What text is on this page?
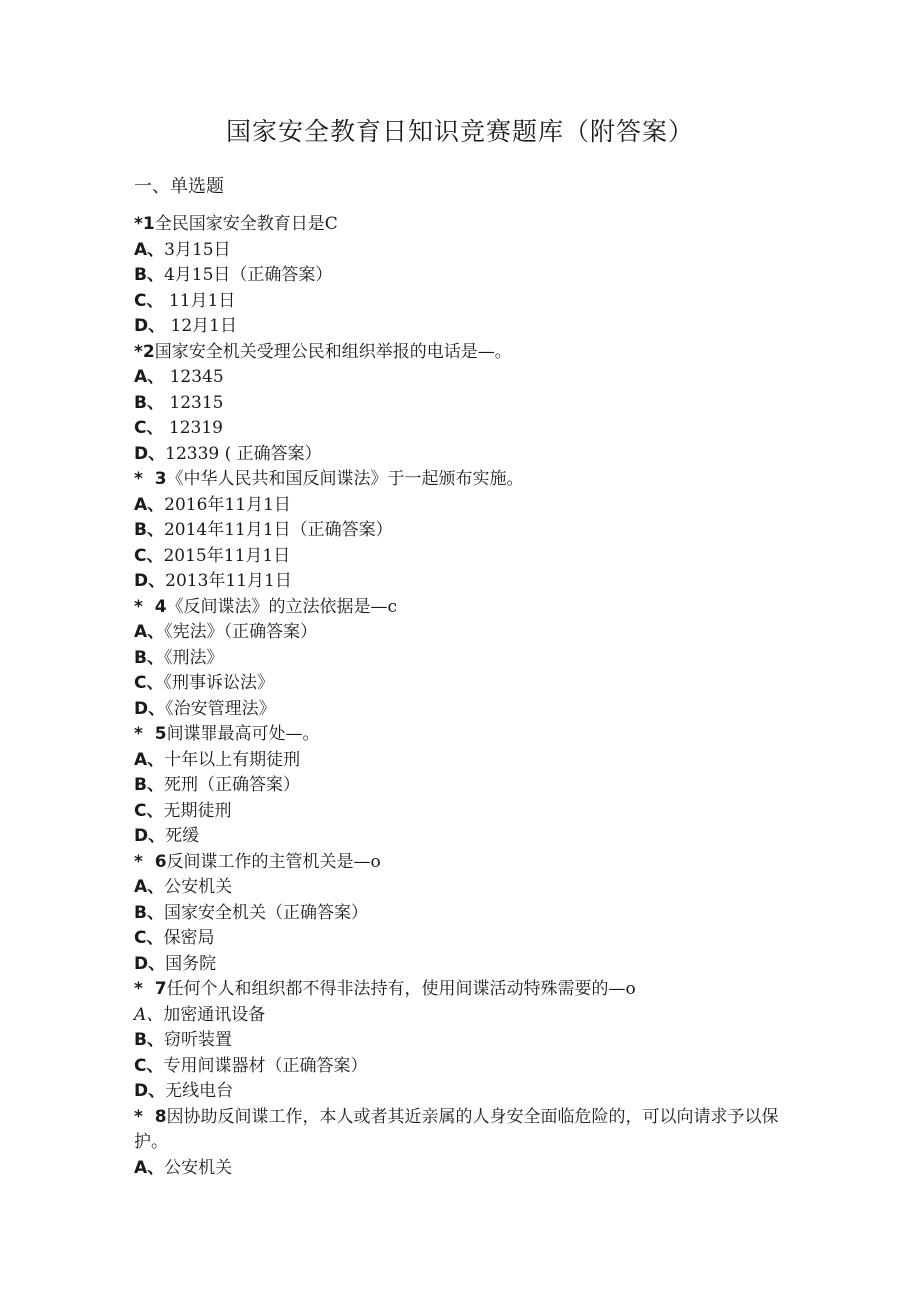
国家安全教育日知识竞赛题库（附答案）
一、单选题
*1全民国家安全教育日是C
A、3月15日
B、4月15日（正确答案）
C、 11月1日
D、 12月1日
*2国家安全机关受理公民和组织举报的电话是—。
A、 12345
B、 12315
C、 12319
D、12339 ( 正确答案）
*  3《中华人民共和国反间谍法》于一起颁布实施。
A、2016年11月1日
B、2014年11月1日（正确答案）
C、2015年11月1日
D、2013年11月1日
*  4《反间谍法》的立法依据是—c
A、《宪法》（正确答案）
B、《刑法》
C、《刑事诉讼法》
D、《治安管理法》
*  5间谍罪最高可处—。
A、十年以上有期徒刑
B、死刑（正确答案）
C、无期徒刑
D、死缓
*  6反间谍工作的主管机关是—o
A、公安机关
B、国家安全机关（正确答案）
C、保密局
D、国务院
*  7任何个人和组织都不得非法持有，使用间谍活动特殊需要的—o
A、加密通讯设备
B、窃听装置
C、专用间谍器材（正确答案）
D、无线电台
*  8因协助反间谍工作，本人或者其近亲属的人身安全面临危险的，可以向请求予以保护。
A、公安机关
